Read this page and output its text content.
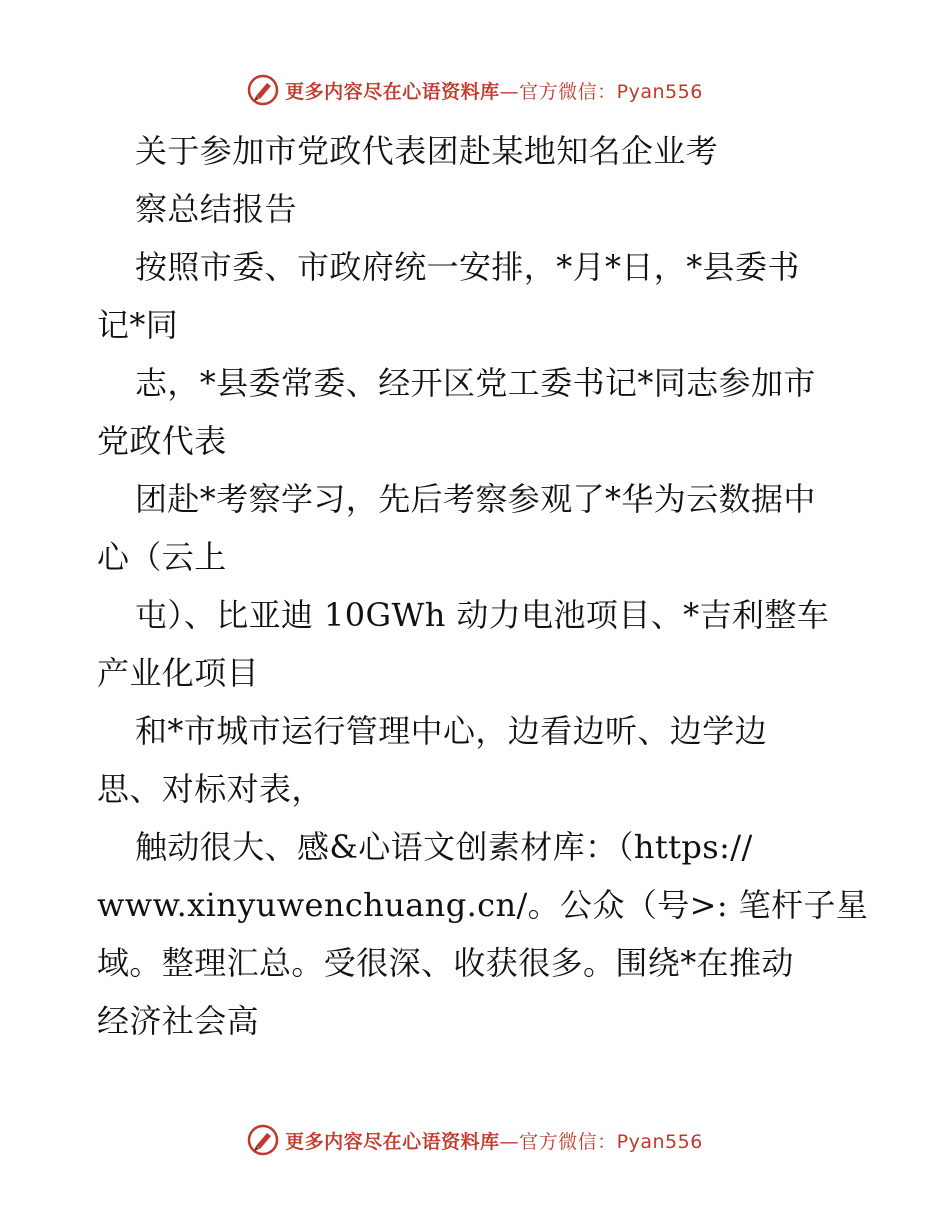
更多内容尽在心语资料库—官方微信：Pyan556
关于参加市党政代表团赴某地知名企业考
察总结报告
按照市委、市政府统一安排，*月*日，*县委书
记*同
志，*县委常委、经开区党工委书记*同志参加市
党政代表
团赴*考察学习，先后考察参观了*华为云数据中
心（云上
屯）、比亚迪 10GWh 动力电池项目、*吉利整车
产业化项目
和*市城市运行管理中心，边看边听、边学边
思、对标对表，
触动很大、感&心语文创素材库：（https://
www.xinyuwenchuang.cn/。公众（号>: 笔杆子星
域。整理汇总。受很深、收获很多。围绕*在推动
经济社会高
更多内容尽在心语资料库—官方微信：Pyan556
